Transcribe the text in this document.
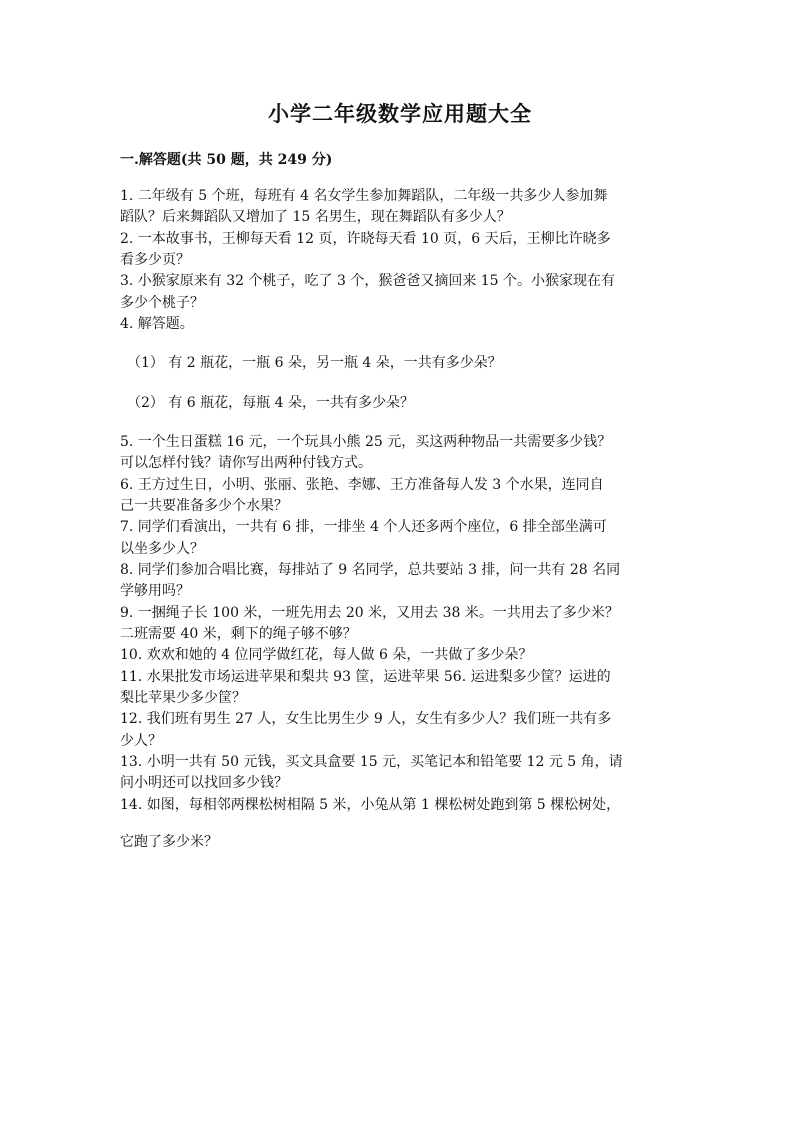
小学二年级数学应用题大全
一.解答题(共 50 题，共 249 分)
1. 二年级有 5 个班，每班有 4 名女学生参加舞蹈队，二年级一共多少人参加舞
蹈队？后来舞蹈队又增加了 15 名男生，现在舞蹈队有多少人？
2. 一本故事书，王柳每天看 12 页，许晓每天看 10 页，6 天后，王柳比许晓多
看多少页？
3. 小猴家原来有 32 个桃子，吃了 3 个，猴爸爸又摘回来 15 个。小猴家现在有
多少个桃子？
4. 解答题。
（1） 有 2 瓶花，一瓶 6 朵，另一瓶 4 朵，一共有多少朵？
（2） 有 6 瓶花，每瓶 4 朵，一共有多少朵？
5. 一个生日蛋糕 16 元，一个玩具小熊 25 元，买这两种物品一共需要多少钱？
可以怎样付钱？请你写出两种付钱方式。
6. 王方过生日，小明、张丽、张艳、李娜、王方准备每人发 3 个水果，连同自
己一共要准备多少个水果？
7. 同学们看演出，一共有 6 排，一排坐 4 个人还多两个座位，6 排全部坐满可
以坐多少人？
8. 同学们参加合唱比赛，每排站了 9 名同学，总共要站 3 排，问一共有 28 名同
学够用吗？
9. 一捆绳子长 100 米，一班先用去 20 米，又用去 38 米。一共用去了多少米？
二班需要 40 米，剩下的绳子够不够？
10. 欢欢和她的 4 位同学做红花，每人做 6 朵，一共做了多少朵？
11. 水果批发市场运进苹果和梨共 93 筐，运进苹果 56. 运进梨多少筐？运进的
梨比苹果少多少筐？
12. 我们班有男生 27 人，女生比男生少 9 人，女生有多少人？我们班一共有多
少人？
13. 小明一共有 50 元钱，买文具盒要 15 元，买笔记本和铅笔要 12 元 5 角，请
问小明还可以找回多少钱？
14. 如图，每相邻两棵松树相隔 5 米，小兔从第 1 棵松树处跑到第 5 棵松树处，
它跑了多少米？
